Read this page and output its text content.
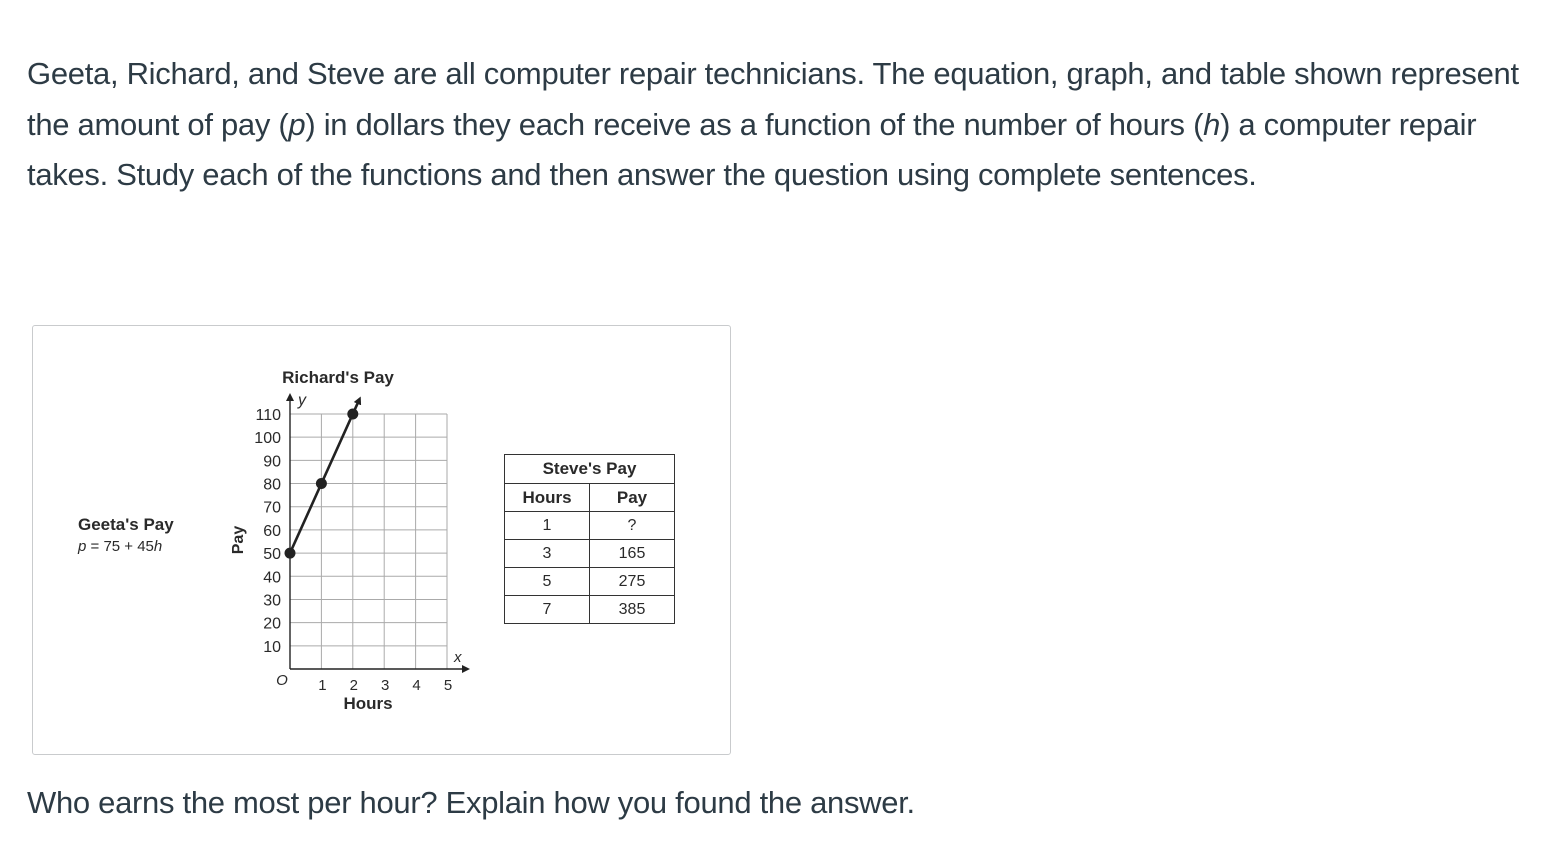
Geeta, Richard, and Steve are all computer repair technicians. The equation, graph, and table shown represent the amount of pay (p) in dollars they each receive as a function of the number of hours (h) a computer repair takes. Study each of the functions and then answer the question using complete sentences.

Geeta's Pay

p = 75 + 45h

Richard's Pay
10
20
30
40
50
60
70
80
90
100
110
1 2 3 4 5
Pay
Hours
y
x
O
Steve's Pay	
Hours	Pay
1	?
3	165
5	275
7	385

Who earns the most per hour? Explain how you found the answer.
